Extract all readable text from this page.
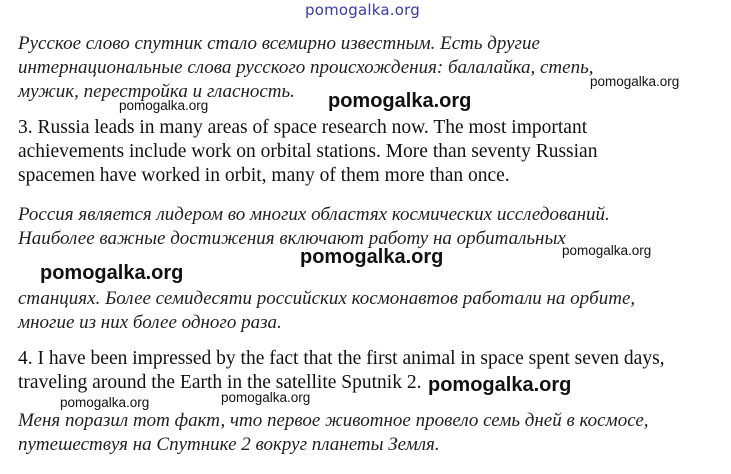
pomogalka.org
Русское слово спутник стало всемирно известным. Есть другие
интернациональные слова русского происхождения: балалайка, степь,
мужик, перестройка и гласность.
3. Russia leads in many areas of space research now. The most important
achievements include work on orbital stations. More than seventy Russian
spacemen have worked in orbit, many of them more than once.
Россия является лидером во многих областях космических исследований.
Наиболее важные достижения включают работу на орбитальных
станциях. Более семидесяти российских космонавтов работали на орбите,
многие из них более одного раза.
4. I have been impressed by the fact that the first animal in space spent seven days,
traveling around the Earth in the satellite Sputnik 2.
Меня поразил тот факт, что первое животное провело семь дней в космосе,
путешествуя на Спутнике 2 вокруг планеты Земля.
pomogalka.org
pomogalka.org	pomogalka.org
pomogalka.org
pomogalka.org
pomogalka.org
pomogalka.org
pomogalka.org	pomogalka.org
